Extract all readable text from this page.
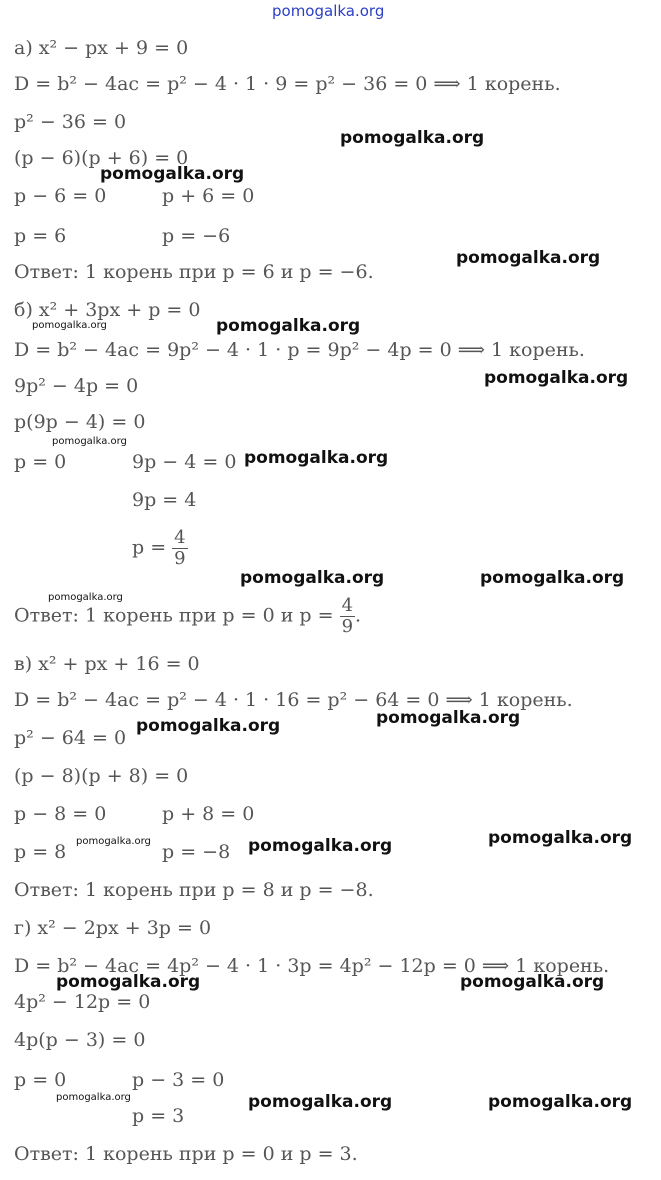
pomogalka.org
а) x² − px + 9 = 0
D = b² − 4ac = p² − 4 · 1 · 9 = p² − 36 = 0 ⟹ 1 корень.
p² − 36 = 0
(p − 6)(p + 6) = 0
p − 6 = 0	p + 6 = 0
p = 6	p = −6
Ответ: 1 корень при p = 6 и p = −6.
б) x² + 3px + p = 0
D = b² − 4ac = 9p² − 4 · 1 · p = 9p² − 4p = 0 ⟹ 1 корень.
9p² − 4p = 0
p(9p − 4) = 0
p = 0	9p − 4 = 0
9p = 4
$p = \frac{4}{9}$
Ответ: 1 корень при p = 0 и $p = \frac{4}{9}$ .
в) x² + px + 16 = 0
D = b² − 4ac = p² − 4 · 1 · 16 = p² − 64 = 0 ⟹ 1 корень.
p² − 64 = 0
(p − 8)(p + 8) = 0
p − 8 = 0	p + 8 = 0
p = 8	p = −8
Ответ: 1 корень при p = 8 и p = −8.
г) x² − 2px + 3p = 0
D = b² − 4ac = 4p² − 4 · 1 · 3p = 4p² − 12p = 0 ⟹ 1 корень.
4p² − 12p = 0
4p(p − 3) = 0
p = 0	p − 3 = 0
p = 3
Ответ: 1 корень при p = 0 и p = 3.
pomogalka.org
pomogalka.org
pomogalka.org
pomogalka.org	pomogalka.org
pomogalka.org
pomogalka.org
pomogalka.org
pomogalka.org	pomogalka.org
pomogalka.org
pomogalka.org
pomogalka.org
pomogalka.org
pomogalka.org	pomogalka.org
pomogalka.org	pomogalka.org
pomogalka.org	pomogalka.org	pomogalka.org
